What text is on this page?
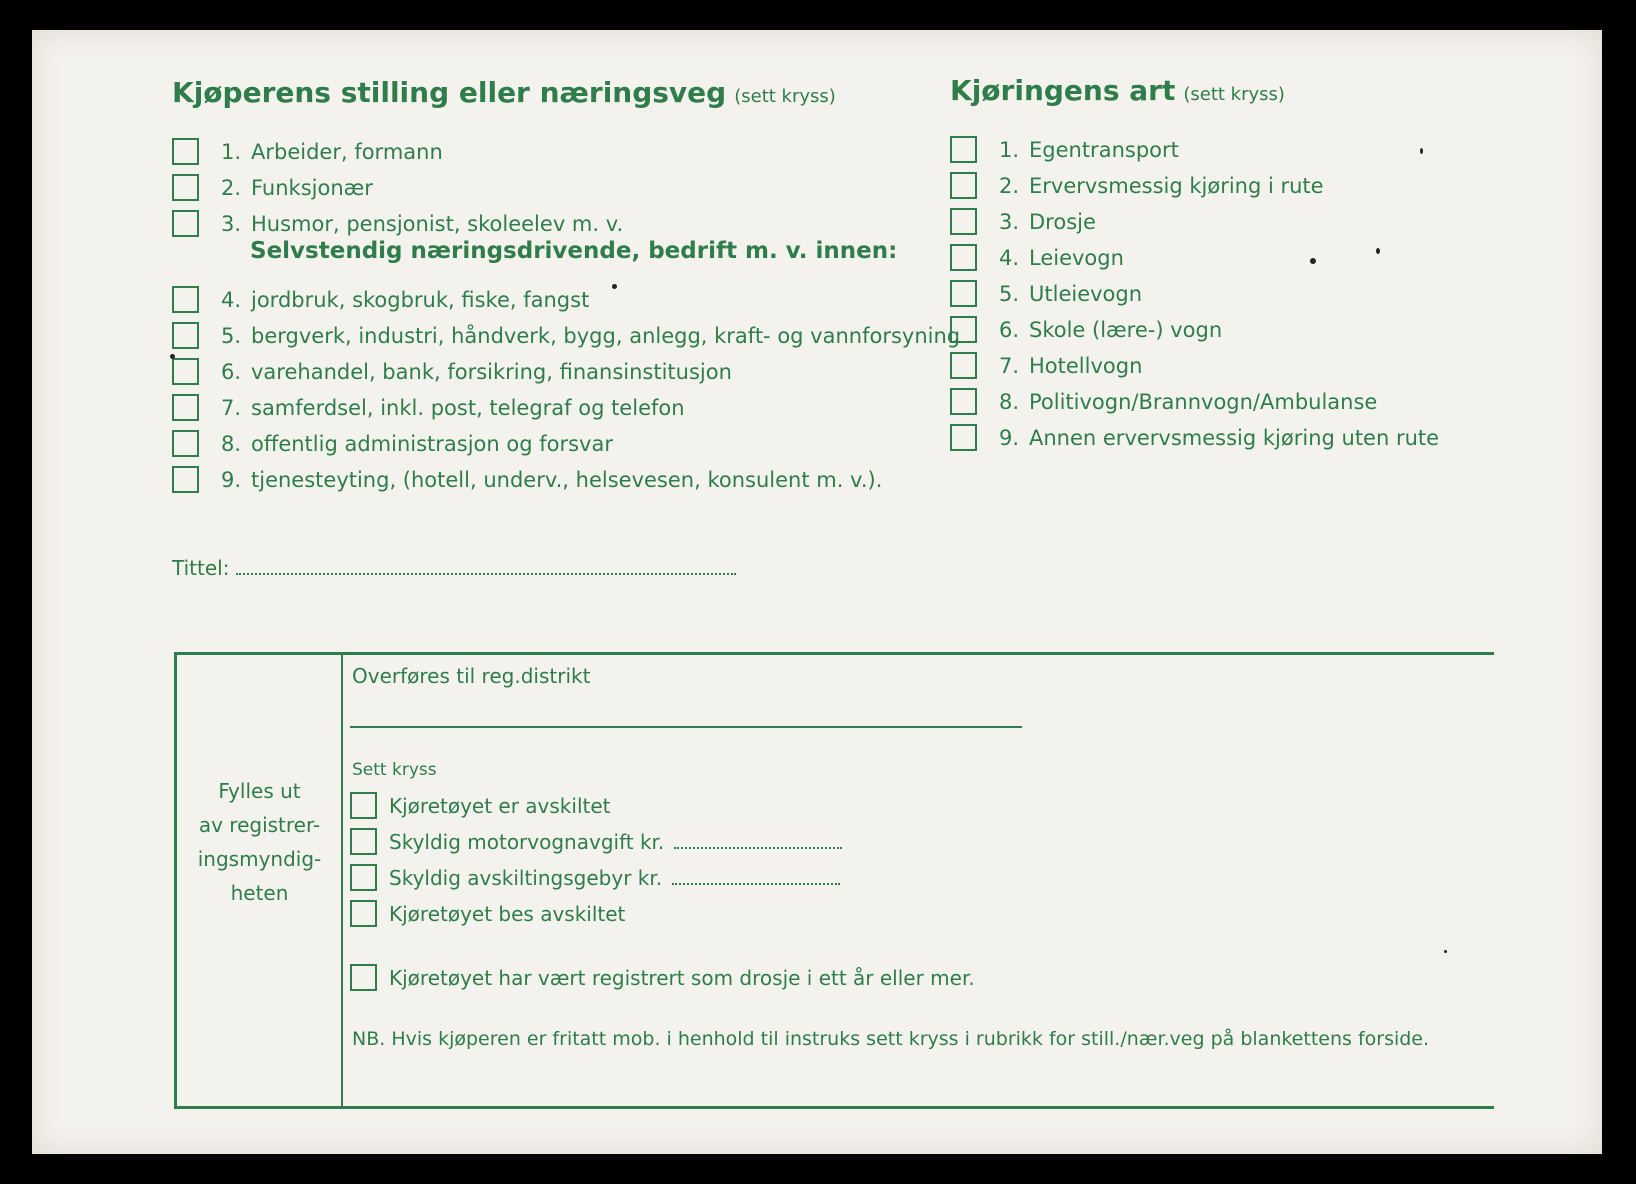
Kjøperens stilling eller næringsveg (sett kryss)
1. Arbeider, formann
2. Funksjonær
3. Husmor, pensjonist, skoleelev m. v.
Selvstendig næringsdrivende, bedrift m. v. innen:
4. jordbruk, skogbruk, fiske, fangst
5. bergverk, industri, håndverk, bygg, anlegg, kraft- og vannforsyning
6. varehandel, bank, forsikring, finansinstitusjon
7. samferdsel, inkl. post, telegraf og telefon
8. offentlig administrasjon og forsvar
9. tjenesteyting, (hotell, underv., helsevesen, konsulent m. v.).
Kjøringens art (sett kryss)
1. Egentransport
2. Ervervsmessig kjøring i rute
3. Drosje
4. Leievogn
5. Utleievogn
6. Skole (lære-) vogn
7. Hotellvogn
8. Politivogn/Brannvogn/Ambulanse
9. Annen ervervsmessig kjøring uten rute
Tittel:
Fylles ut
av registrer-
ingsmyndig-
heten
Overføres til reg.distrikt
Sett kryss
Kjøretøyet er avskiltet
Skyldig motorvognavgift kr.
Skyldig avskiltingsgebyr kr.
Kjøretøyet bes avskiltet
Kjøretøyet har vært registrert som drosje i ett år eller mer.
NB. Hvis kjøperen er fritatt mob. i henhold til instruks sett kryss i rubrikk for still./nær.veg på blankettens forside.
